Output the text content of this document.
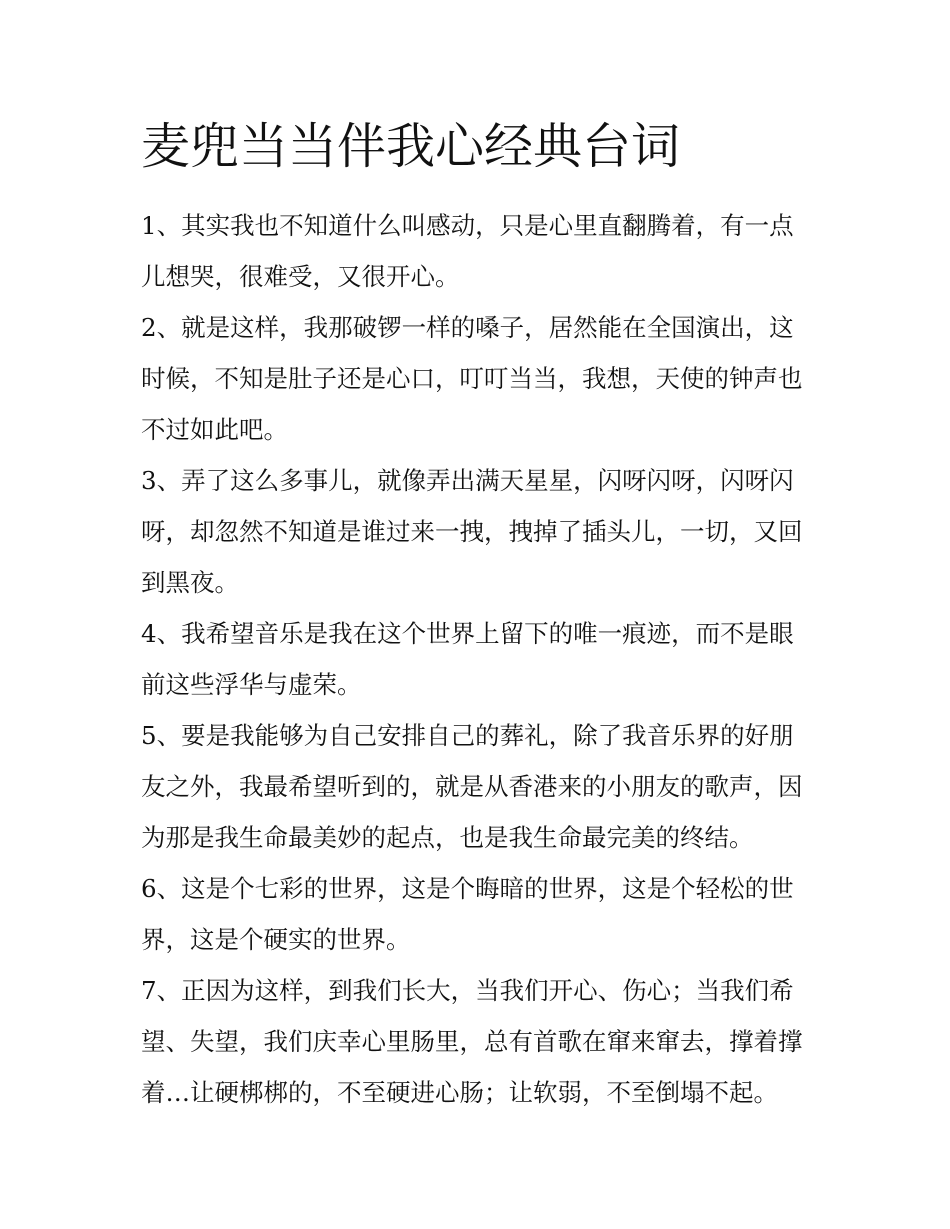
麦兜当当伴我心经典台词

1、其实我也不知道什么叫感动，只是心里直翻腾着，有一点儿想哭，很难受，又很开心。

2、就是这样，我那破锣一样的嗓子，居然能在全国演出，这时候，不知是肚子还是心口，叮叮当当，我想，天使的钟声也不过如此吧。

3、弄了这么多事儿，就像弄出满天星星，闪呀闪呀，闪呀闪呀，却忽然不知道是谁过来一拽，拽掉了插头儿，一切，又回到黑夜。

4、我希望音乐是我在这个世界上留下的唯一痕迹，而不是眼前这些浮华与虚荣。

5、要是我能够为自己安排自己的葬礼，除了我音乐界的好朋友之外，我最希望听到的，就是从香港来的小朋友的歌声，因为那是我生命最美妙的起点，也是我生命最完美的终结。

6、这是个七彩的世界，这是个晦暗的世界，这是个轻松的世界，这是个硬实的世界。

7、正因为这样，到我们长大，当我们开心、伤心；当我们希望、失望，我们庆幸心里肠里，总有首歌在窜来窜去，撑着撑着…让硬梆梆的，不至硬进心肠；让软弱，不至倒塌不起。
